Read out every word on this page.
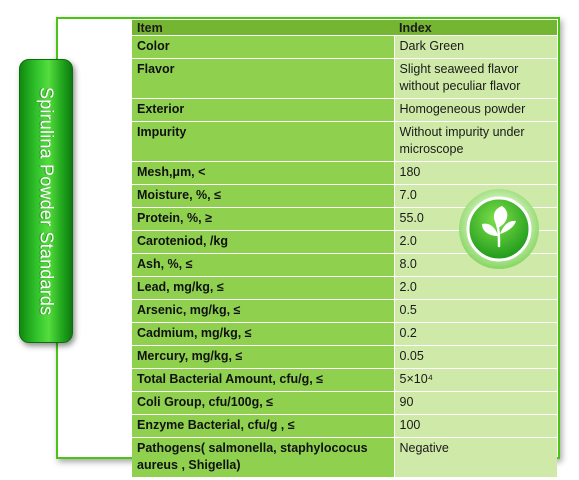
Spirulina Powder Standards
Item	Index
Color	Dark Green
Flavor	Slight seaweed flavor without peculiar flavor
Exterior	Homogeneous powder
Impurity	Without impurity under microscope
Mesh,μm, <	180
Moisture, %, ≤	7.0
Protein, %, ≥	55.0
Caroteniod, /kg	2.0
Ash, %, ≤	8.0
Lead, mg/kg, ≤	2.0
Arsenic, mg/kg, ≤	0.5
Cadmium, mg/kg, ≤	0.2
Mercury, mg/kg, ≤	0.05
Total Bacterial Amount, cfu/g, ≤	5×10⁴
Coli Group, cfu/100g, ≤	90
Enzyme Bacterial, cfu/g , ≤	100
Pathogens( salmonella, staphylococus aureus , Shigella)	Negative
